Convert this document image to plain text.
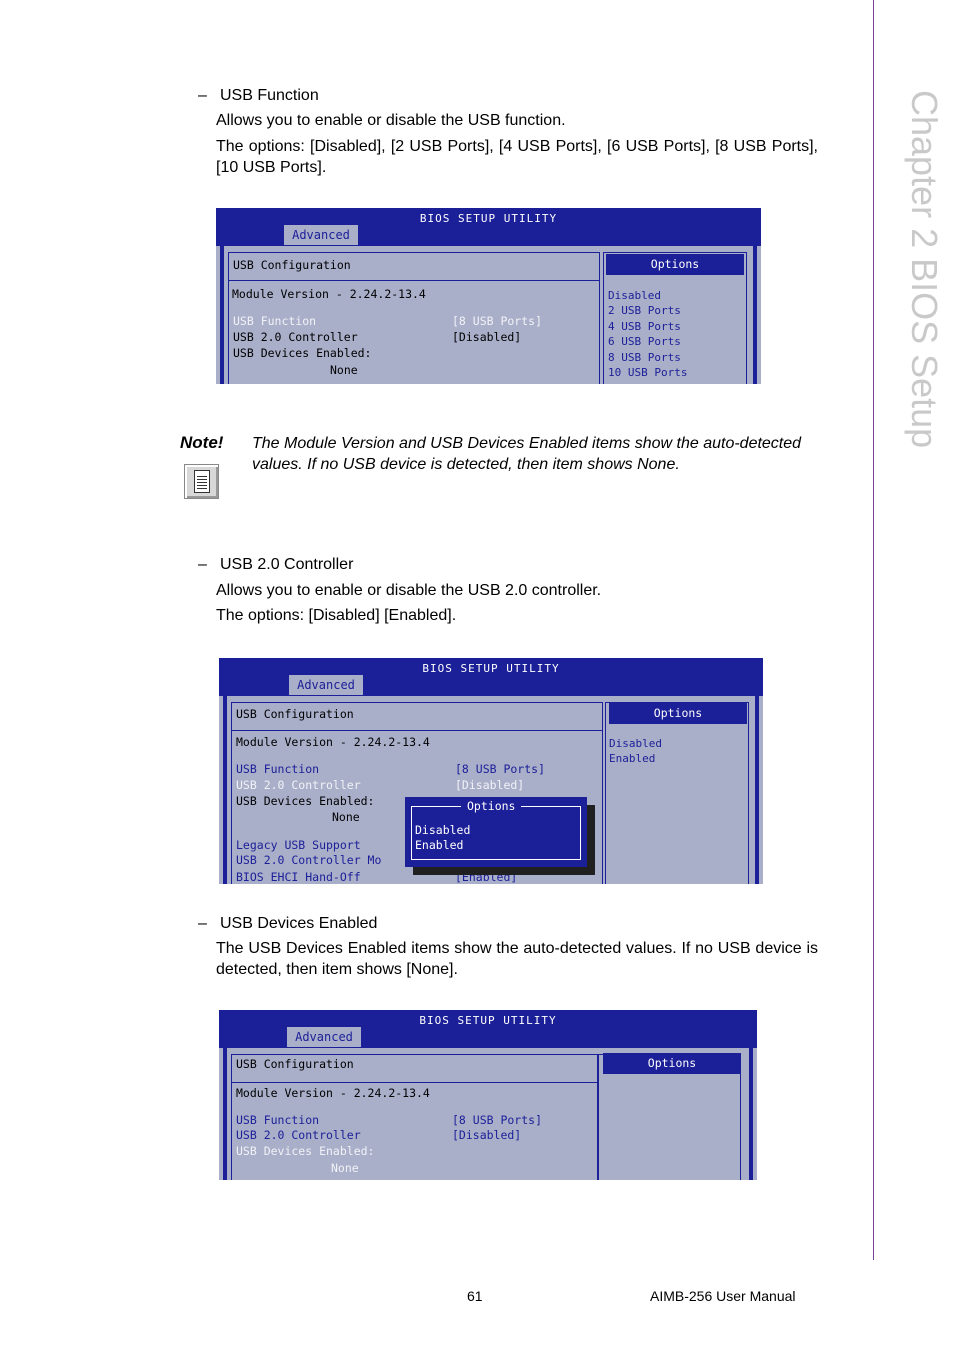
Chapter 2 BIOS Setup
– USB Function
Allows you to enable or disable the USB function.
The options: [Disabled], [2 USB Ports], [4 USB Ports], [6 USB Ports], [8 USB Ports], [10 USB Ports].
BIOS SETUP UTILITY
Advanced
USB Configuration
Module Version - 2.24.2-13.4
USB Function	[8 USB Ports]
USB 2.0 Controller	[Disabled]
USB Devices Enabled:
None
Options
Disabled
2 USB Ports
4 USB Ports
6 USB Ports
8 USB Ports
10 USB Ports
Note! The Module Version and USB Devices Enabled items show the auto-detected values. If no USB device is detected, then item shows None.
– USB 2.0 Controller
Allows you to enable or disable the USB 2.0 controller.
The options: [Disabled] [Enabled].
BIOS SETUP UTILITY
Advanced
USB Configuration
Module Version - 2.24.2-13.4
USB Function	[8 USB Ports]
USB 2.0 Controller	[Disabled]
USB Devices Enabled:
None
Legacy USB Support
USB 2.0 Controller Mo
BIOS EHCI Hand-Off	[Enabled]
Options
Disabled
Enabled
Options
Disabled
Enabled
– USB Devices Enabled
The USB Devices Enabled items show the auto-detected values. If no USB device is detected, then item shows [None].
BIOS SETUP UTILITY
Advanced
USB Configuration
Module Version - 2.24.2-13.4
USB Function	[8 USB Ports]
USB 2.0 Controller	[Disabled]
USB Devices Enabled:
None
Options
61	AIMB-256 User Manual
